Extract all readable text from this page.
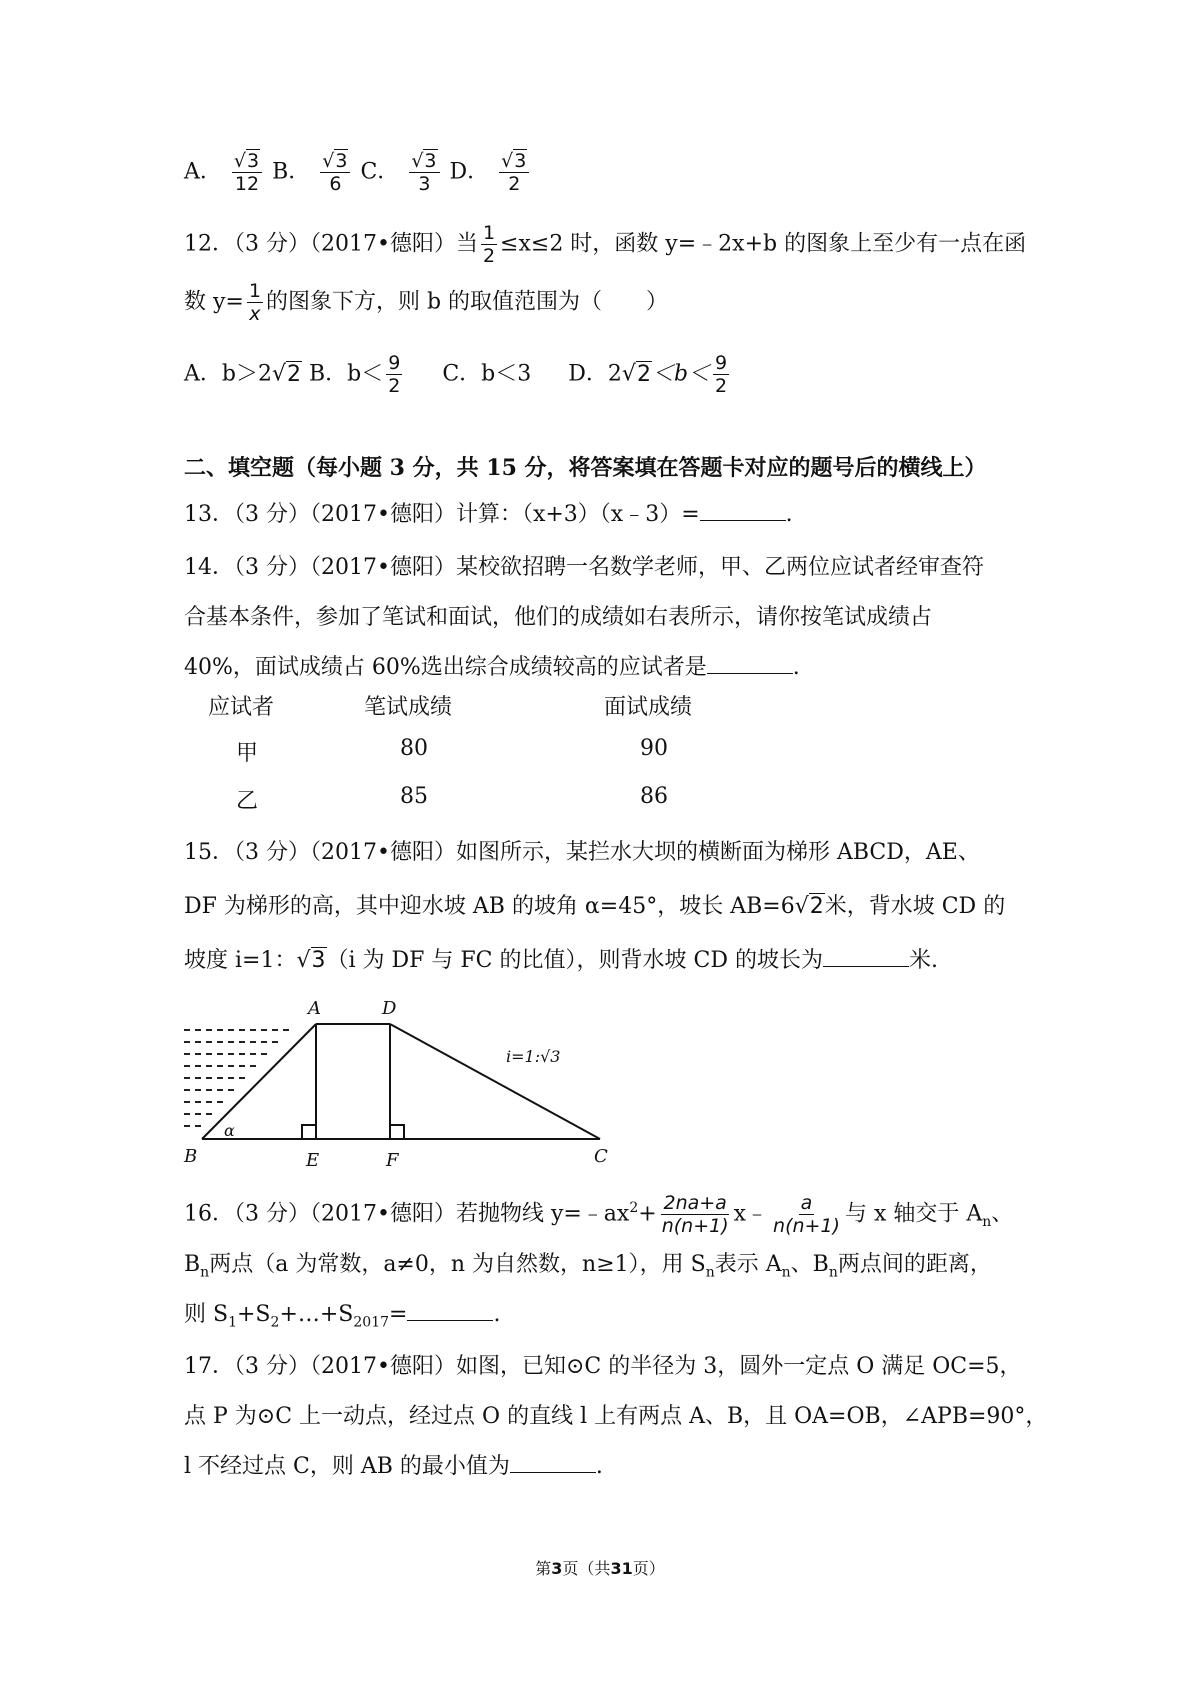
A． $\frac{√3}{12}$ B． $\frac{√3}{6}$ C． $\frac{√3}{3}$ D． $\frac{√3}{2}$
12．（3 分）（2017•德阳）当 $\frac{1}{2} \le x\le 2$ 时，函数 y=﹣2x+b 的图象上至少有一点在函
数 $y= \frac{1}{x}$ 的图象下方，则 b 的取值范围为（　　）
A．b＞2√2 B．$b< \frac{9}{2}$ C．b＜3 D．$2√2<b< \frac{9}{2}$
二、填空题（每小题 3 分，共 15 分，将答案填在答题卡对应的题号后的横线上）
13．（3 分）（2017•德阳）计算：（x+3）（x﹣3）=	.
14．（3 分）（2017•德阳）某校欲招聘一名数学老师，甲、乙两位应试者经审查符
合基本条件，参加了笔试和面试，他们的成绩如右表所示，请你按笔试成绩占
40%，面试成绩占 60%选出综合成绩较高的应试者是	.
应试者	笔试成绩	面试成绩
甲	80	90
乙	85	86
15．（3 分）（2017•德阳）如图所示，某拦水大坝的横断面为梯形 ABCD，AE、
DF 为梯形的高，其中迎水坡 AB 的坡角 α=45°，坡长 AB=6√2米，背水坡 CD 的
坡度 i=1：√3（i 为 DF 与 FC 的比值），则背水坡 CD 的坡长为	米.
A	D
B	E	F	C
α
i=1:√3
16．（3 分）（2017•德阳）若抛物线 $y=﹣ax^2+ \frac{2na+a}{n(n+1)}$ x﹣ $\frac{a}{n(n+1)}$ 与 x 轴交于 $A_n$、
$B_n$两点（a 为常数，a≠0，n 为自然数，n≥1），用 $S_n$表示 $A_n$、$B_n$两点间的距离，
则 $S_1+S_2+\dots+S_{2017}=$	.
17．（3 分）（2017•德阳）如图，已知⊙C 的半径为 3，圆外一定点 O 满足 OC=5，
点 P 为⊙C 上一动点，经过点 O 的直线 l 上有两点 A、B，且 OA=OB，∠APB=90°，
l 不经过点 C，则 AB 的最小值为	.
第3页（共31页）
